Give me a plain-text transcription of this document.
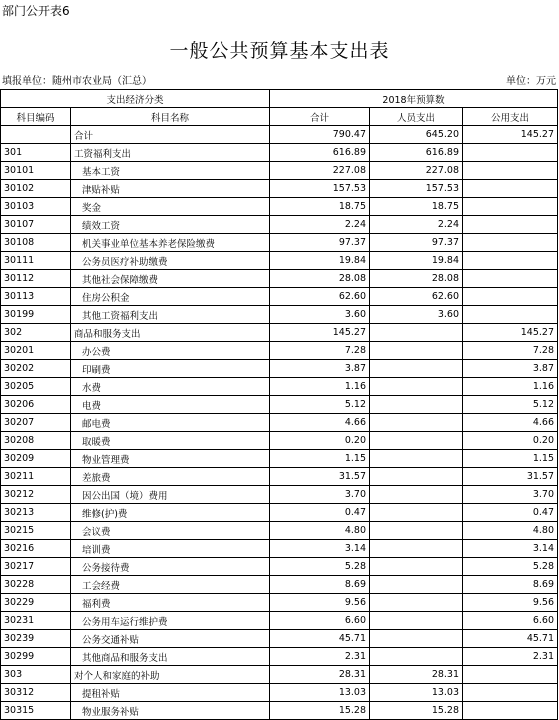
部门公开表6
一般公共预算基本支出表
填报单位：随州市农业局（汇总）	单位：万元
支出经济分类		2018年预算数		
科目编码	科目名称	合计	人员支出	公用支出
	合计	790.47	645.20	145.27
301	工资福利支出	616.89	616.89	
30101	基本工资	227.08	227.08	
30102	津贴补贴	157.53	157.53	
30103	奖金	18.75	18.75	
30107	绩效工资	2.24	2.24	
30108	机关事业单位基本养老保险缴费	97.37	97.37	
30111	公务员医疗补助缴费	19.84	19.84	
30112	其他社会保障缴费	28.08	28.08	
30113	住房公积金	62.60	62.60	
30199	其他工资福利支出	3.60	3.60	
302	商品和服务支出	145.27		145.27
30201	办公费	7.28		7.28
30202	印刷费	3.87		3.87
30205	水费	1.16		1.16
30206	电费	5.12		5.12
30207	邮电费	4.66		4.66
30208	取暖费	0.20		0.20
30209	物业管理费	1.15		1.15
30211	差旅费	31.57		31.57
30212	因公出国（境）费用	3.70		3.70
30213	维修(护)费	0.47		0.47
30215	会议费	4.80		4.80
30216	培训费	3.14		3.14
30217	公务接待费	5.28		5.28
30228	工会经费	8.69		8.69
30229	福利费	9.56		9.56
30231	公务用车运行维护费	6.60		6.60
30239	公务交通补贴	45.71		45.71
30299	其他商品和服务支出	2.31		2.31
303	对个人和家庭的补助	28.31	28.31	
30312	提租补贴	13.03	13.03	
30315	物业服务补贴	15.28	15.28	
